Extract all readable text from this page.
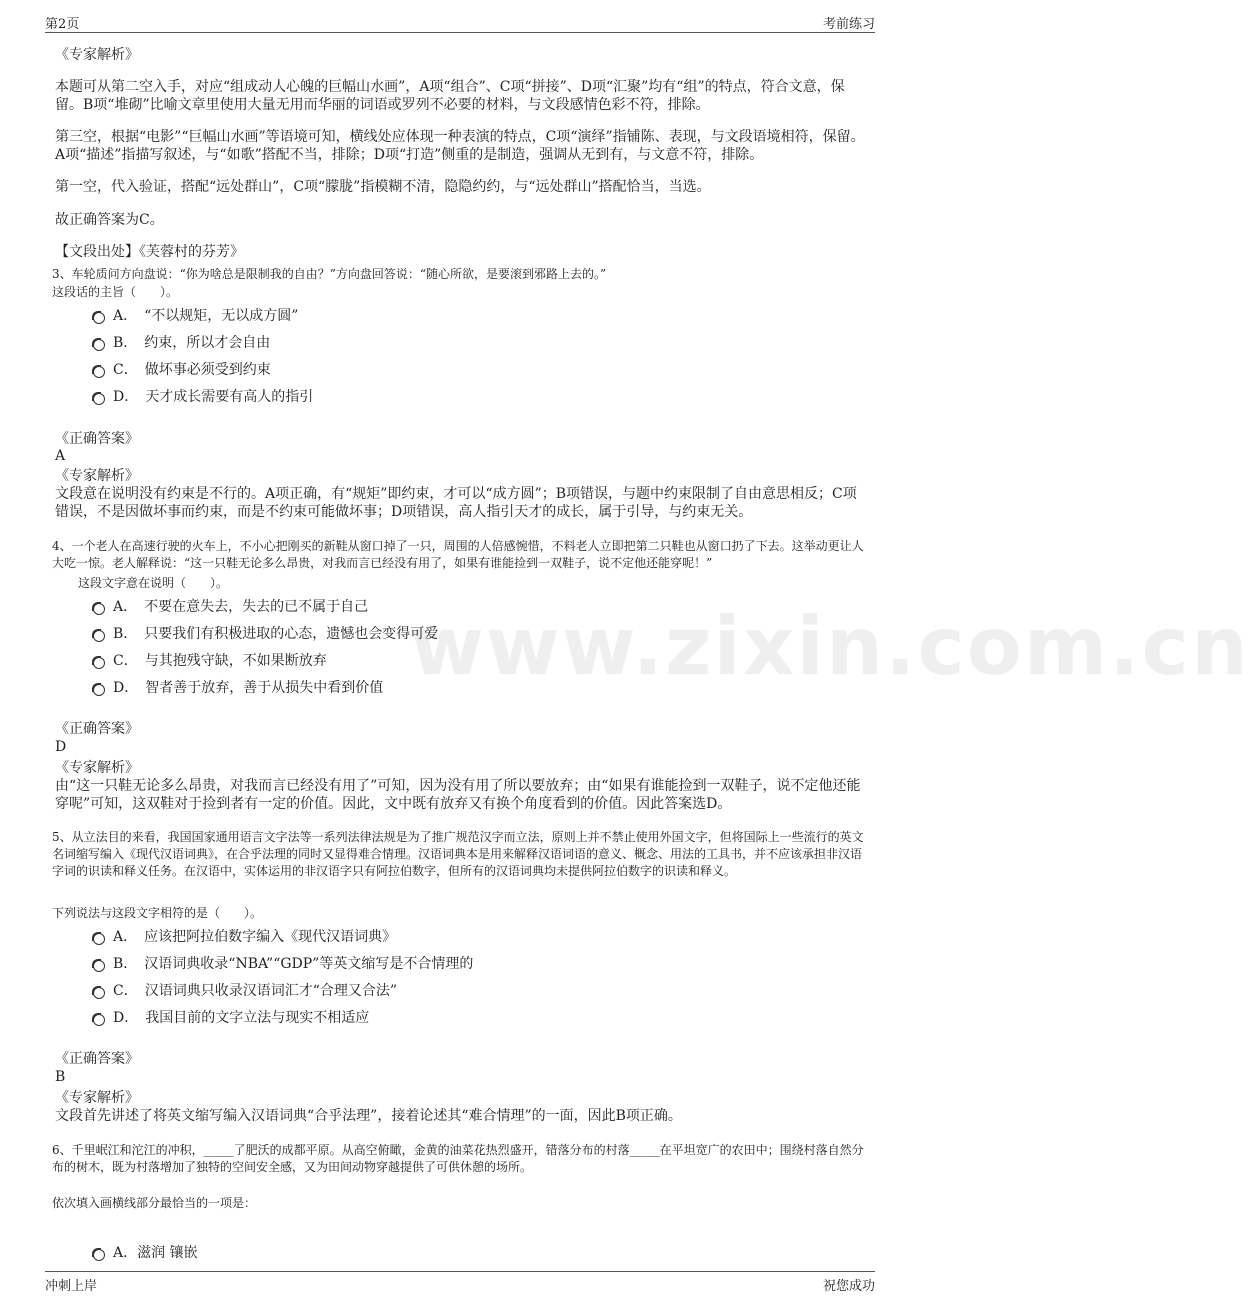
第2页	考前练习
www.zixin.com.cn
《专家解析》
本题可从第二空入手，对应“组成动人心魄的巨幅山水画”，A项“组合”、C项“拼接”、D项“汇聚”均有“组”的特点，符合文意，保留。B项“堆砌”比喻文章里使用大量无用而华丽的词语或罗列不必要的材料，与文段感情色彩不符，排除。
第三空，根据“电影”“巨幅山水画”等语境可知，横线处应体现一种表演的特点，C项“演绎”指铺陈、表现，与文段语境相符，保留。A项“描述”指描写叙述，与“如歌”搭配不当，排除；D项“打造”侧重的是制造，强调从无到有，与文意不符，排除。
第一空，代入验证，搭配“远处群山”，C项“朦胧”指模糊不清，隐隐约约，与“远处群山”搭配恰当，当选。
故正确答案为C。
【文段出处】《芙蓉村的芬芳》
3、车轮质问方向盘说：“你为啥总是限制我的自由？”方向盘回答说：“随心所欲，是要滚到邪路上去的。”
这段话的主旨（　　）。
A．　“不以规矩，无以成方圆”
B．　约束，所以才会自由
C．　做坏事必须受到约束
D．　天才成长需要有高人的指引
《正确答案》
A
《专家解析》
文段意在说明没有约束是不行的。A项正确，有“规矩”即约束，才可以“成方圆”；B项错误，与题中约束限制了自由意思相反；C项错误，不是因做坏事而约束，而是不约束可能做坏事；D项错误，高人指引天才的成长，属于引导，与约束无关。
4、一个老人在高速行驶的火车上，不小心把刚买的新鞋从窗口掉了一只，周围的人倍感惋惜，不料老人立即把第二只鞋也从窗口扔了下去。这举动更让人大吃一惊。老人解释说：“这一只鞋无论多么昂贵，对我而言已经没有用了，如果有谁能捡到一双鞋子，说不定他还能穿呢！”
这段文字意在说明（　　）。
A．　不要在意失去，失去的已不属于自己
B．　只要我们有积极进取的心态，遗憾也会变得可爱
C．　与其抱残守缺，不如果断放弃
D．　智者善于放弃，善于从损失中看到价值
《正确答案》
D
《专家解析》
由“这一只鞋无论多么昂贵，对我而言已经没有用了”可知，因为没有用了所以要放弃；由“如果有谁能捡到一双鞋子，说不定他还能穿呢”可知，这双鞋对于捡到者有一定的价值。因此，文中既有放弃又有换个角度看到的价值。因此答案选D。
5、从立法目的来看，我国国家通用语言文字法等一系列法律法规是为了推广规范汉字而立法，原则上并不禁止使用外国文字，但将国际上一些流行的英文名词缩写编入《现代汉语词典》，在合乎法理的同时又显得难合情理。汉语词典本是用来解释汉语词语的意义、概念、用法的工具书，并不应该承担非汉语字词的识读和释义任务。在汉语中，实体运用的非汉语字只有阿拉伯数字，但所有的汉语词典均未提供阿拉伯数字的识读和释义。
下列说法与这段文字相符的是（　　）。
A．　应该把阿拉伯数字编入《现代汉语词典》
B．　汉语词典收录“NBA”“GDP”等英文缩写是不合情理的
C．　汉语词典只收录汉语词汇才“合理又合法”
D．　我国目前的文字立法与现实不相适应
《正确答案》
B
《专家解析》
文段首先讲述了将英文缩写编入汉语词典“合乎法理”，接着论述其“难合情理”的一面，因此B项正确。
6、千里岷江和沱江的冲积，_____了肥沃的成都平原。从高空俯瞰，金黄的油菜花热烈盛开，错落分布的村落_____在平坦宽广的农田中；围绕村落自然分布的树木，既为村落增加了独特的空间安全感，又为田间动物穿越提供了可供休憩的场所。
依次填入画横线部分最恰当的一项是：
A．滋润 镶嵌
冲刺上岸	祝您成功
